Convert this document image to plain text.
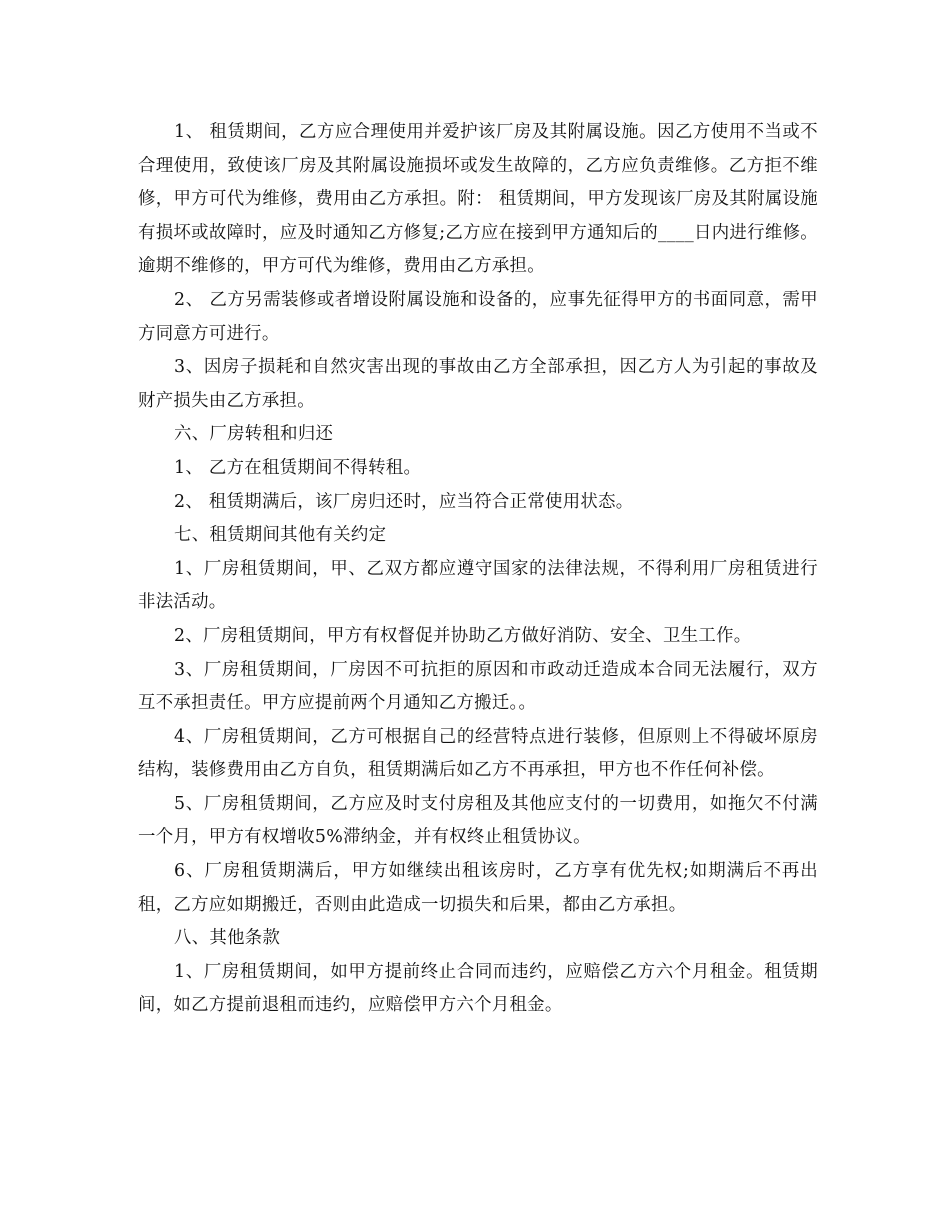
1、 租赁期间，乙方应合理使用并爱护该厂房及其附属设施。因乙方使用不当或不合理使用，致使该厂房及其附属设施损坏或发生故障的，乙方应负责维修。乙方拒不维修，甲方可代为维修，费用由乙方承担。附： 租赁期间，甲方发现该厂房及其附属设施有损坏或故障时，应及时通知乙方修复;乙方应在接到甲方通知后的____日内进行维修。逾期不维修的，甲方可代为维修，费用由乙方承担。

2、 乙方另需装修或者增设附属设施和设备的，应事先征得甲方的书面同意，需甲方同意方可进行。

3、因房子损耗和自然灾害出现的事故由乙方全部承担，因乙方人为引起的事故及财产损失由乙方承担。

六、厂房转租和归还

1、 乙方在租赁期间不得转租。

2、 租赁期满后，该厂房归还时，应当符合正常使用状态。

七、租赁期间其他有关约定

1、厂房租赁期间，甲、乙双方都应遵守国家的法律法规，不得利用厂房租赁进行非法活动。

2、厂房租赁期间，甲方有权督促并协助乙方做好消防、安全、卫生工作。

3、厂房租赁期间，厂房因不可抗拒的原因和市政动迁造成本合同无法履行，双方互不承担责任。甲方应提前两个月通知乙方搬迁。。

4、厂房租赁期间，乙方可根据自己的经营特点进行装修，但原则上不得破坏原房结构，装修费用由乙方自负，租赁期满后如乙方不再承担，甲方也不作任何补偿。

5、厂房租赁期间，乙方应及时支付房租及其他应支付的一切费用，如拖欠不付满一个月，甲方有权增收5%滞纳金，并有权终止租赁协议。

6、厂房租赁期满后，甲方如继续出租该房时，乙方享有优先权;如期满后不再出租，乙方应如期搬迁，否则由此造成一切损失和后果，都由乙方承担。

八、其他条款

1、厂房租赁期间，如甲方提前终止合同而违约，应赔偿乙方六个月租金。租赁期间，如乙方提前退租而违约，应赔偿甲方六个月租金。
